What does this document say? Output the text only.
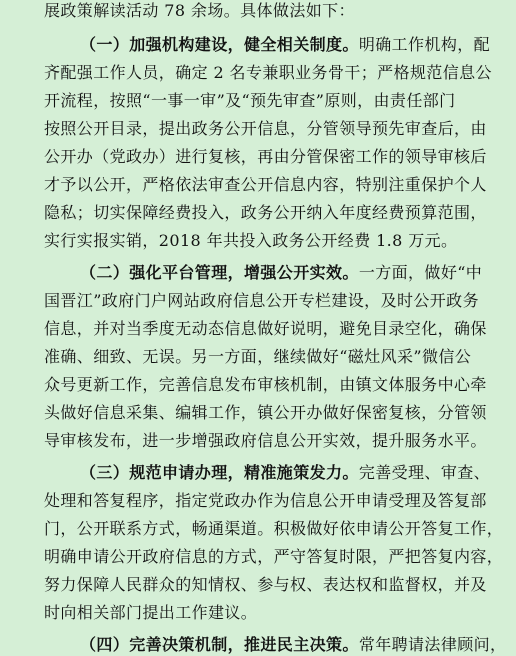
展政策解读活动 78 余场。具体做法如下：
（一）加强机构建设，健全相关制度。明确工作机构，配
齐配强工作人员，确定 2 名专兼职业务骨干；严格规范信息公
开流程，按照“一事一审”及“预先审查”原则，由责任部门
按照公开目录，提出政务公开信息，分管领导预先审查后，由
公开办（党政办）进行复核，再由分管保密工作的领导审核后
才予以公开，严格依法审查公开信息内容，特别注重保护个人
隐私；切实保障经费投入，政务公开纳入年度经费预算范围，
实行实报实销，2018 年共投入政务公开经费 1.8 万元。
（二）强化平台管理，增强公开实效。一方面，做好“中
国晋江”政府门户网站政府信息公开专栏建设，及时公开政务
信息，并对当季度无动态信息做好说明，避免目录空化，确保
准确、细致、无误。另一方面，继续做好“磁灶风采”微信公
众号更新工作，完善信息发布审核机制，由镇文体服务中心牵
头做好信息采集、编辑工作，镇公开办做好保密复核，分管领
导审核发布，进一步增强政府信息公开实效，提升服务水平。
（三）规范申请办理，精准施策发力。完善受理、审查、
处理和答复程序，指定党政办作为信息公开申请受理及答复部
门，公开联系方式，畅通渠道。积极做好依申请公开答复工作，
明确申请公开政府信息的方式，严守答复时限，严把答复内容，
努力保障人民群众的知情权、参与权、表达权和监督权，并及
时向相关部门提出工作建议。
（四）完善决策机制，推进民主决策。常年聘请法律顾问，
